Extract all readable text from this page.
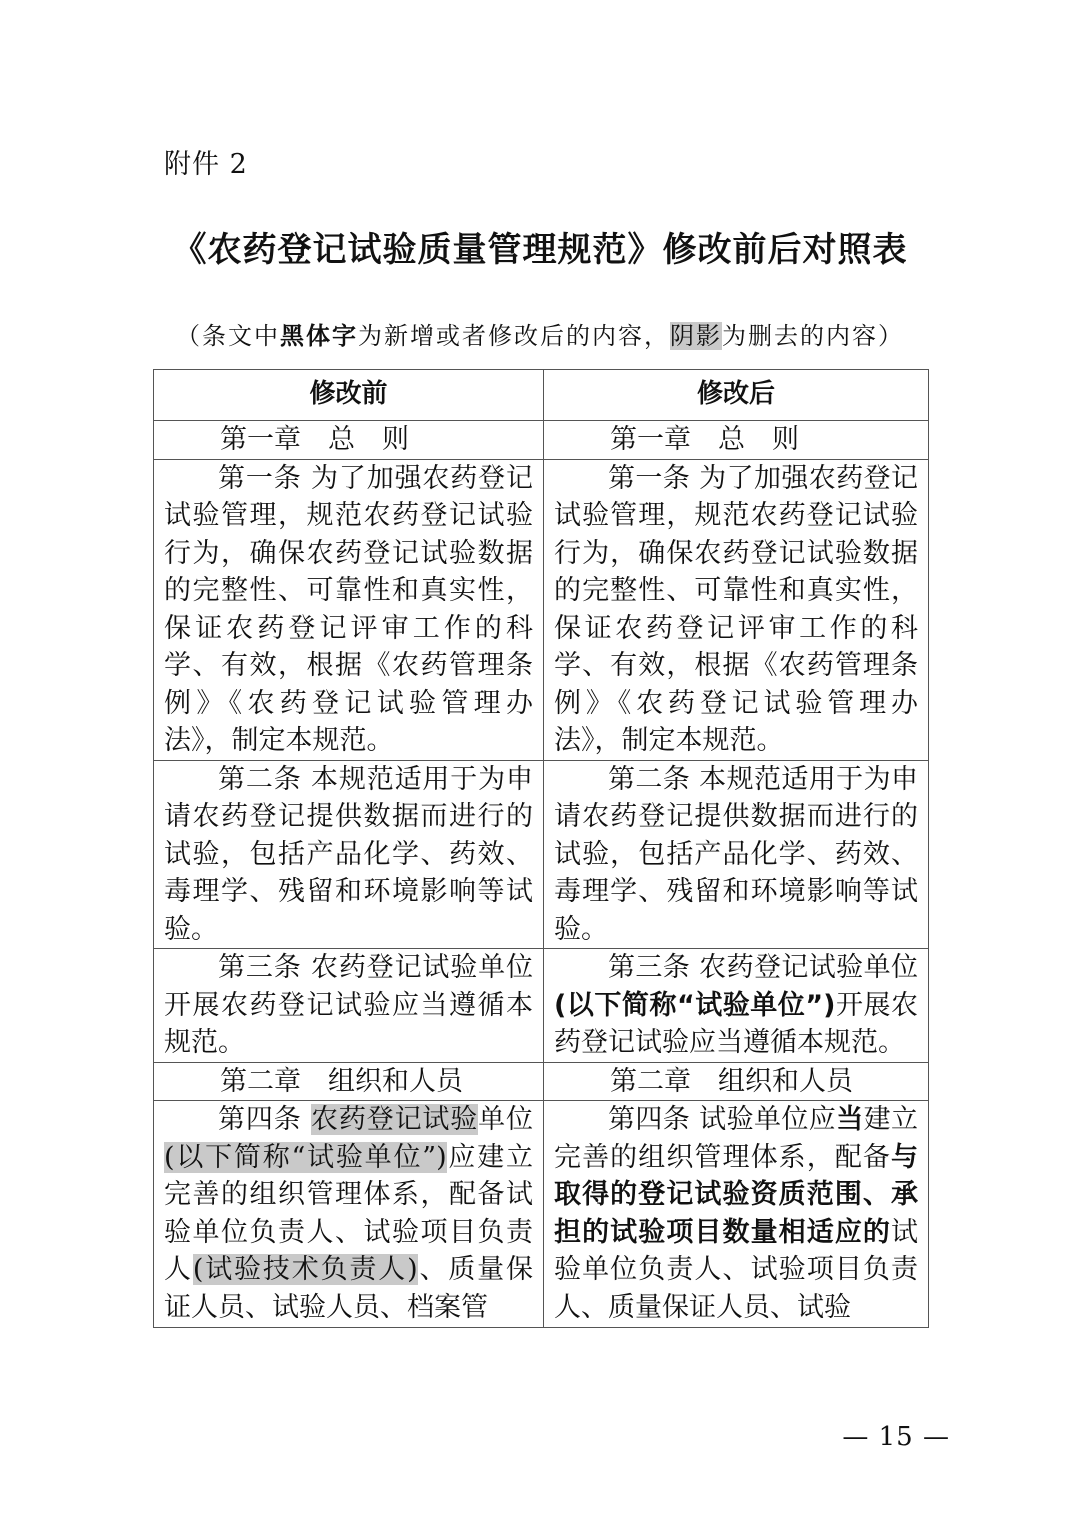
附件 2
《农药登记试验质量管理规范》修改前后对照表
（条文中黑体字为新增或者修改后的内容，阴影为删去的内容）
修改前	修改后
第一章　总　则	第一章　总　则

第一条 为了加强农药登记试验管理，规范农药登记试验行为，确保农药登记试验数据的完整性、可靠性和真实性，保证农药登记评审工作的科学、有效，根据《农药管理条例》《农药登记试验管理办法》，制定本规范。	第一条 为了加强农药登记试验管理，规范农药登记试验行为，确保农药登记试验数据的完整性、可靠性和真实性，保证农药登记评审工作的科学、有效，根据《农药管理条例》《农药登记试验管理办法》，制定本规范。

第二条 本规范适用于为申请农药登记提供数据而进行的试验，包括产品化学、药效、毒理学、残留和环境影响等试验。	第二条 本规范适用于为申请农药登记提供数据而进行的试验，包括产品化学、药效、毒理学、残留和环境影响等试验。

第三条 农药登记试验单位开展农药登记试验应当遵循本规范。	第三条 农药登记试验单位(以下简称“试验单位”)开展农药登记试验应当遵循本规范。

第二章　组织和人员	第二章　组织和人员

第四条 农药登记试验单位(以下简称“试验单位”)应建立完善的组织管理体系，配备试验单位负责人、试验项目负责人(试验技术负责人)、质量保证人员、试验人员、档案管	第四条 试验单位应当建立完善的组织管理体系，配备与取得的登记试验资质范围、承担的试验项目数量相适应的试验单位负责人、试验项目负责人、质量保证人员、试验
— 15 —
